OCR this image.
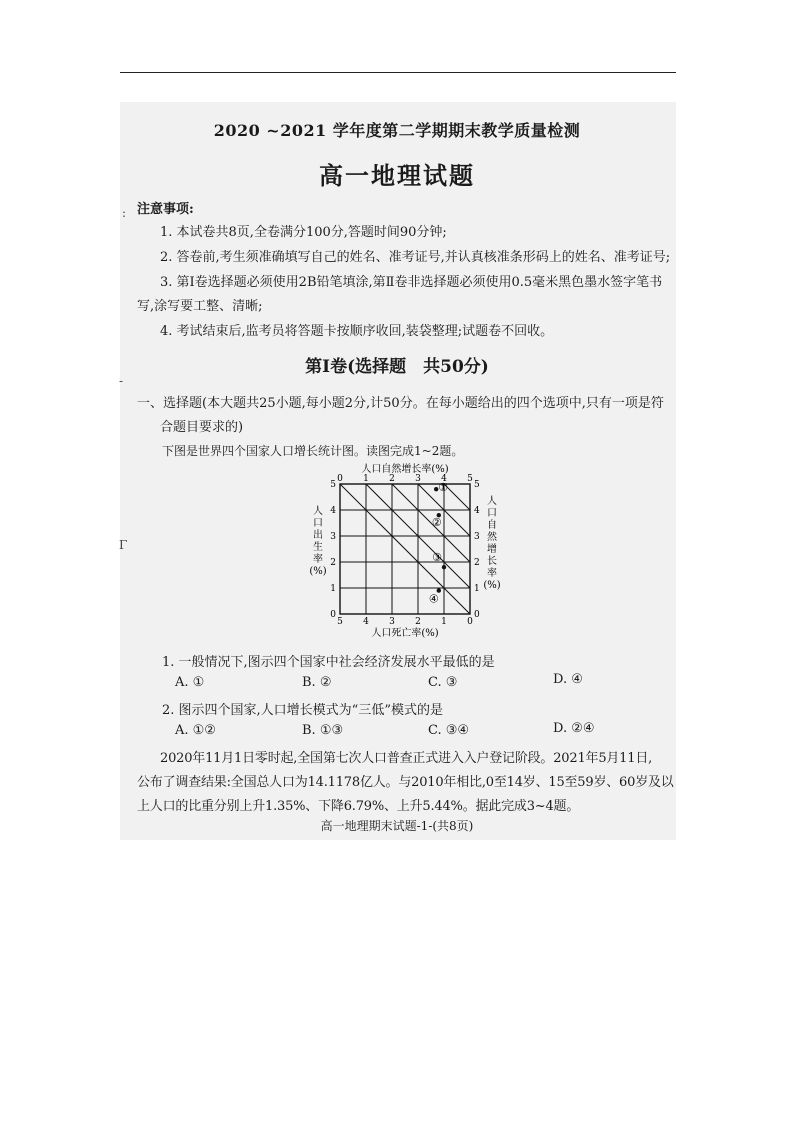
:
-
Γ
2020 ~2021 学年度第二学期期末教学质量检测
高一地理试题
注意事项:
1. 本试卷共8页,全卷满分100分,答题时间90分钟;
2. 答卷前,考生须准确填写自己的姓名、准考证号,并认真核准条形码上的姓名、准考证号;
3. 第Ⅰ卷选择题必须使用2B铅笔填涂,第Ⅱ卷非选择题必须使用0.5毫米黑色墨水签字笔书
写,涂写要工整、清晰;
4. 考试结束后,监考员将答题卡按顺序收回,装袋整理;试题卷不回收。
第Ⅰ卷(选择题　共50分)
一、选择题(本大题共25小题,每小题2分,计50分。在每小题给出的四个选项中,只有一项是符
合题目要求的)
下图是世界四个国家人口增长统计图。读图完成1~2题。
0 1 2 3 4 5
5 4 3 2 1 0
5
4
3
2
1
0
5
4
3
2
1
0
①
②
③
④
人口自然增长率(%)
人口死亡率(%)
人
口
出
生
率
(%)
人
口
自
然
增
长
率
(%)
1. 一般情况下,图示四个国家中社会经济发展水平最低的是
A. ①	B. ②	C. ③	D. ④
2. 图示四个国家,人口增长模式为“三低”模式的是
A. ①②	B. ①③	C. ③④	D. ②④
2020年11月1日零时起,全国第七次人口普查正式进入入户登记阶段。2021年5月11日,
公布了调查结果:全国总人口为14.1178亿人。与2010年相比,0至14岁、15至59岁、60岁及以
上人口的比重分别上升1.35%、下降6.79%、上升5.44%。据此完成3~4题。
高一地理期末试题-1-(共8页)
